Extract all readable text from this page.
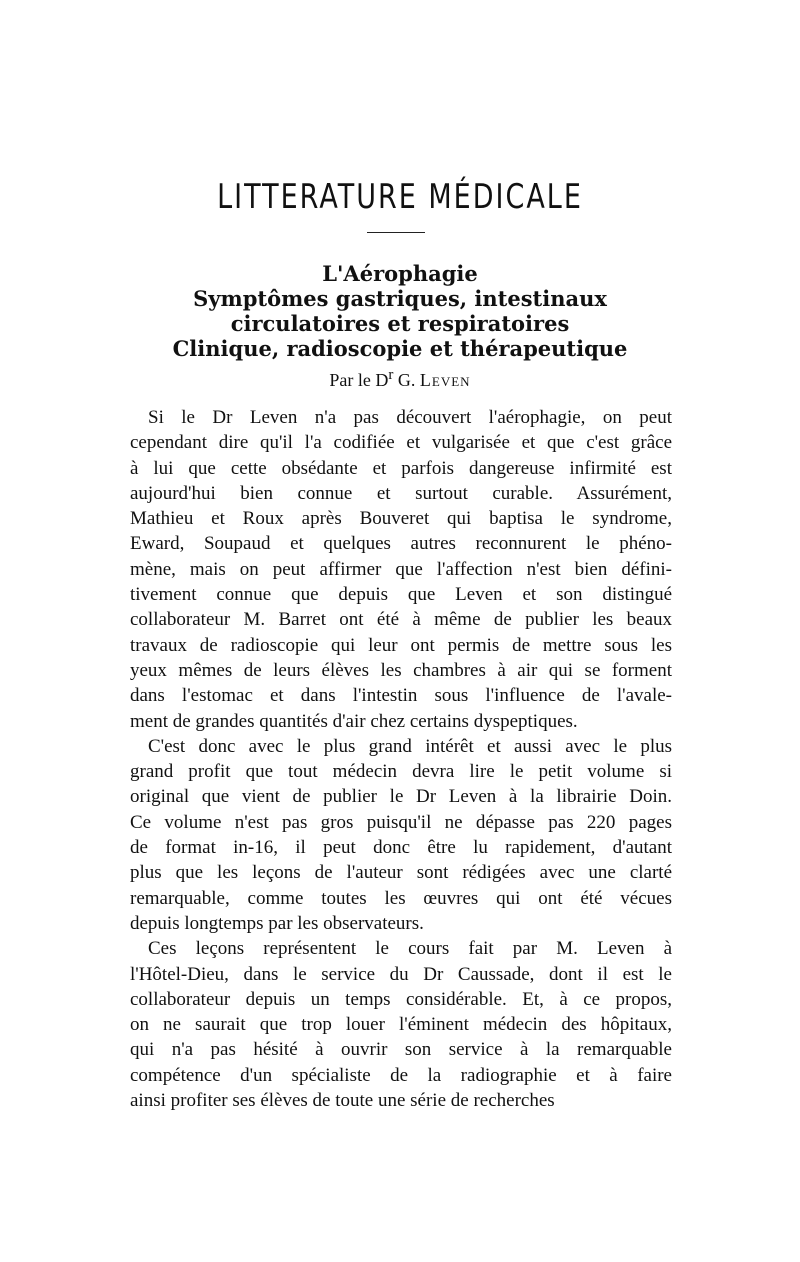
LITTERATURE MÉDICALE
L'Aérophagie
Symptômes gastriques, intestinaux
circulatoires et respiratoires
Clinique, radioscopie et thérapeutique
Par le $D^r$ G. Leven
Si le Dr Leven n'a pas découvert l'aérophagie, on peut
cependant dire qu'il l'a codifiée et vulgarisée et que c'est grâce
à lui que cette obsédante et parfois dangereuse infirmité est
aujourd'hui bien connue et surtout curable. Assurément,
Mathieu et Roux après Bouveret qui baptisa le syndrome,
Eward, Soupaud et quelques autres reconnurent le phéno-
mène, mais on peut affirmer que l'affection n'est bien défini-
tivement connue que depuis que Leven et son distingué
collaborateur M. Barret ont été à même de publier les beaux
travaux de radioscopie qui leur ont permis de mettre sous les
yeux mêmes de leurs élèves les chambres à air qui se forment
dans l'estomac et dans l'intestin sous l'influence de l'avale-
ment de grandes quantités d'air chez certains dyspeptiques.
C'est donc avec le plus grand intérêt et aussi avec le plus
grand profit que tout médecin devra lire le petit volume si
original que vient de publier le Dr Leven à la librairie Doin.
Ce volume n'est pas gros puisqu'il ne dépasse pas 220 pages
de format in-16, il peut donc être lu rapidement, d'autant
plus que les leçons de l'auteur sont rédigées avec une clarté
remarquable, comme toutes les œuvres qui ont été vécues
depuis longtemps par les observateurs.
Ces leçons représentent le cours fait par M. Leven à
l'Hôtel-Dieu, dans le service du Dr Caussade, dont il est le
collaborateur depuis un temps considérable. Et, à ce propos,
on ne saurait que trop louer l'éminent médecin des hôpitaux,
qui n'a pas hésité à ouvrir son service à la remarquable
compétence d'un spécialiste de la radiographie et à faire
ainsi profiter ses élèves de toute une série de recherches
